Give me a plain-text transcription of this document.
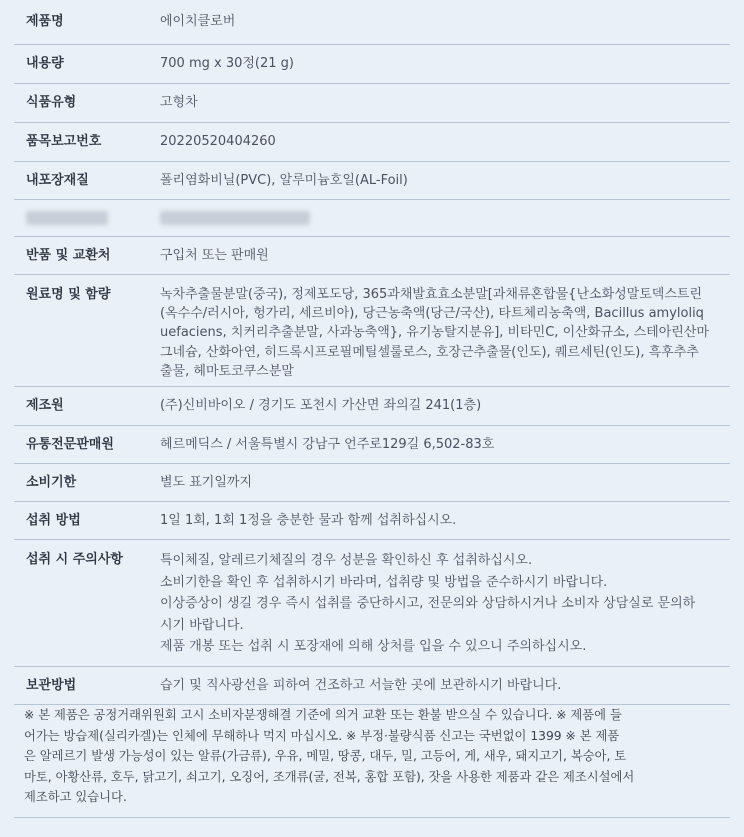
제품명	에이치클로버
내용량	700 mg x 30정(21 g)
식품유형	고형차
품목보고번호	20220520404260
내포장재질	폴리염화비닐(PVC), 알루미늄호일(AL-Foil)
반품 및 교환처	구입처 또는 판매원
원료명 및 함량	녹차추출물분말(중국), 정제포도당, 365과채발효효소분말[과채류혼합물{난소화성말토덱스트린
(옥수수/러시아, 헝가리, 세르비아), 당근농축액(당근/국산), 타트체리농축액, Bacillus amyloliq
uefaciens, 치커리추출분말, 사과농축액}, 유기농탈지분유], 비타민C, 이산화규소, 스테아린산마
그네슘, 산화아연, 히드록시프로필메틸셀룰로스, 호장근추출물(인도), 퀘르세틴(인도), 흑후추추
출물, 헤마토코쿠스분말
제조원	(주)신비바이오 / 경기도 포천시 가산면 좌의길 241(1층)
유통전문판매원	헤르메딕스 / 서울특별시 강남구 언주로129길 6,502-83호
소비기한	별도 표기일까지
섭취 방법	1일 1회, 1회 1정을 충분한 물과 함께 섭취하십시오.
섭취 시 주의사항	특이체질, 알레르기체질의 경우 성분을 확인하신 후 섭취하십시오.
소비기한을 확인 후 섭취하시기 바라며, 섭취량 및 방법을 준수하시기 바랍니다.
이상증상이 생길 경우 즉시 섭취를 중단하시고, 전문의와 상담하시거나 소비자 상담실로 문의하
시기 바랍니다.
제품 개봉 또는 섭취 시 포장재에 의해 상처를 입을 수 있으니 주의하십시오.
보관방법	습기 및 직사광선을 피하여 건조하고 서늘한 곳에 보관하시기 바랍니다.
※ 본 제품은 공정거래위원회 고시 소비자분쟁해결 기준에 의거 교환 또는 환불 받으실 수 있습니다. ※ 제품에 들
어가는 방습제(실리카겔)는 인체에 무해하나 먹지 마십시오. ※ 부정·불량식품 신고는 국번없이 1399 ※ 본 제품
은 알레르기 발생 가능성이 있는 알류(가금류), 우유, 메밀, 땅콩, 대두, 밀, 고등어, 게, 새우, 돼지고기, 복숭아, 토
마토, 아황산류, 호두, 닭고기, 쇠고기, 오징어, 조개류(굴, 전복, 홍합 포함), 잣을 사용한 제품과 같은 제조시설에서
제조하고 있습니다.
